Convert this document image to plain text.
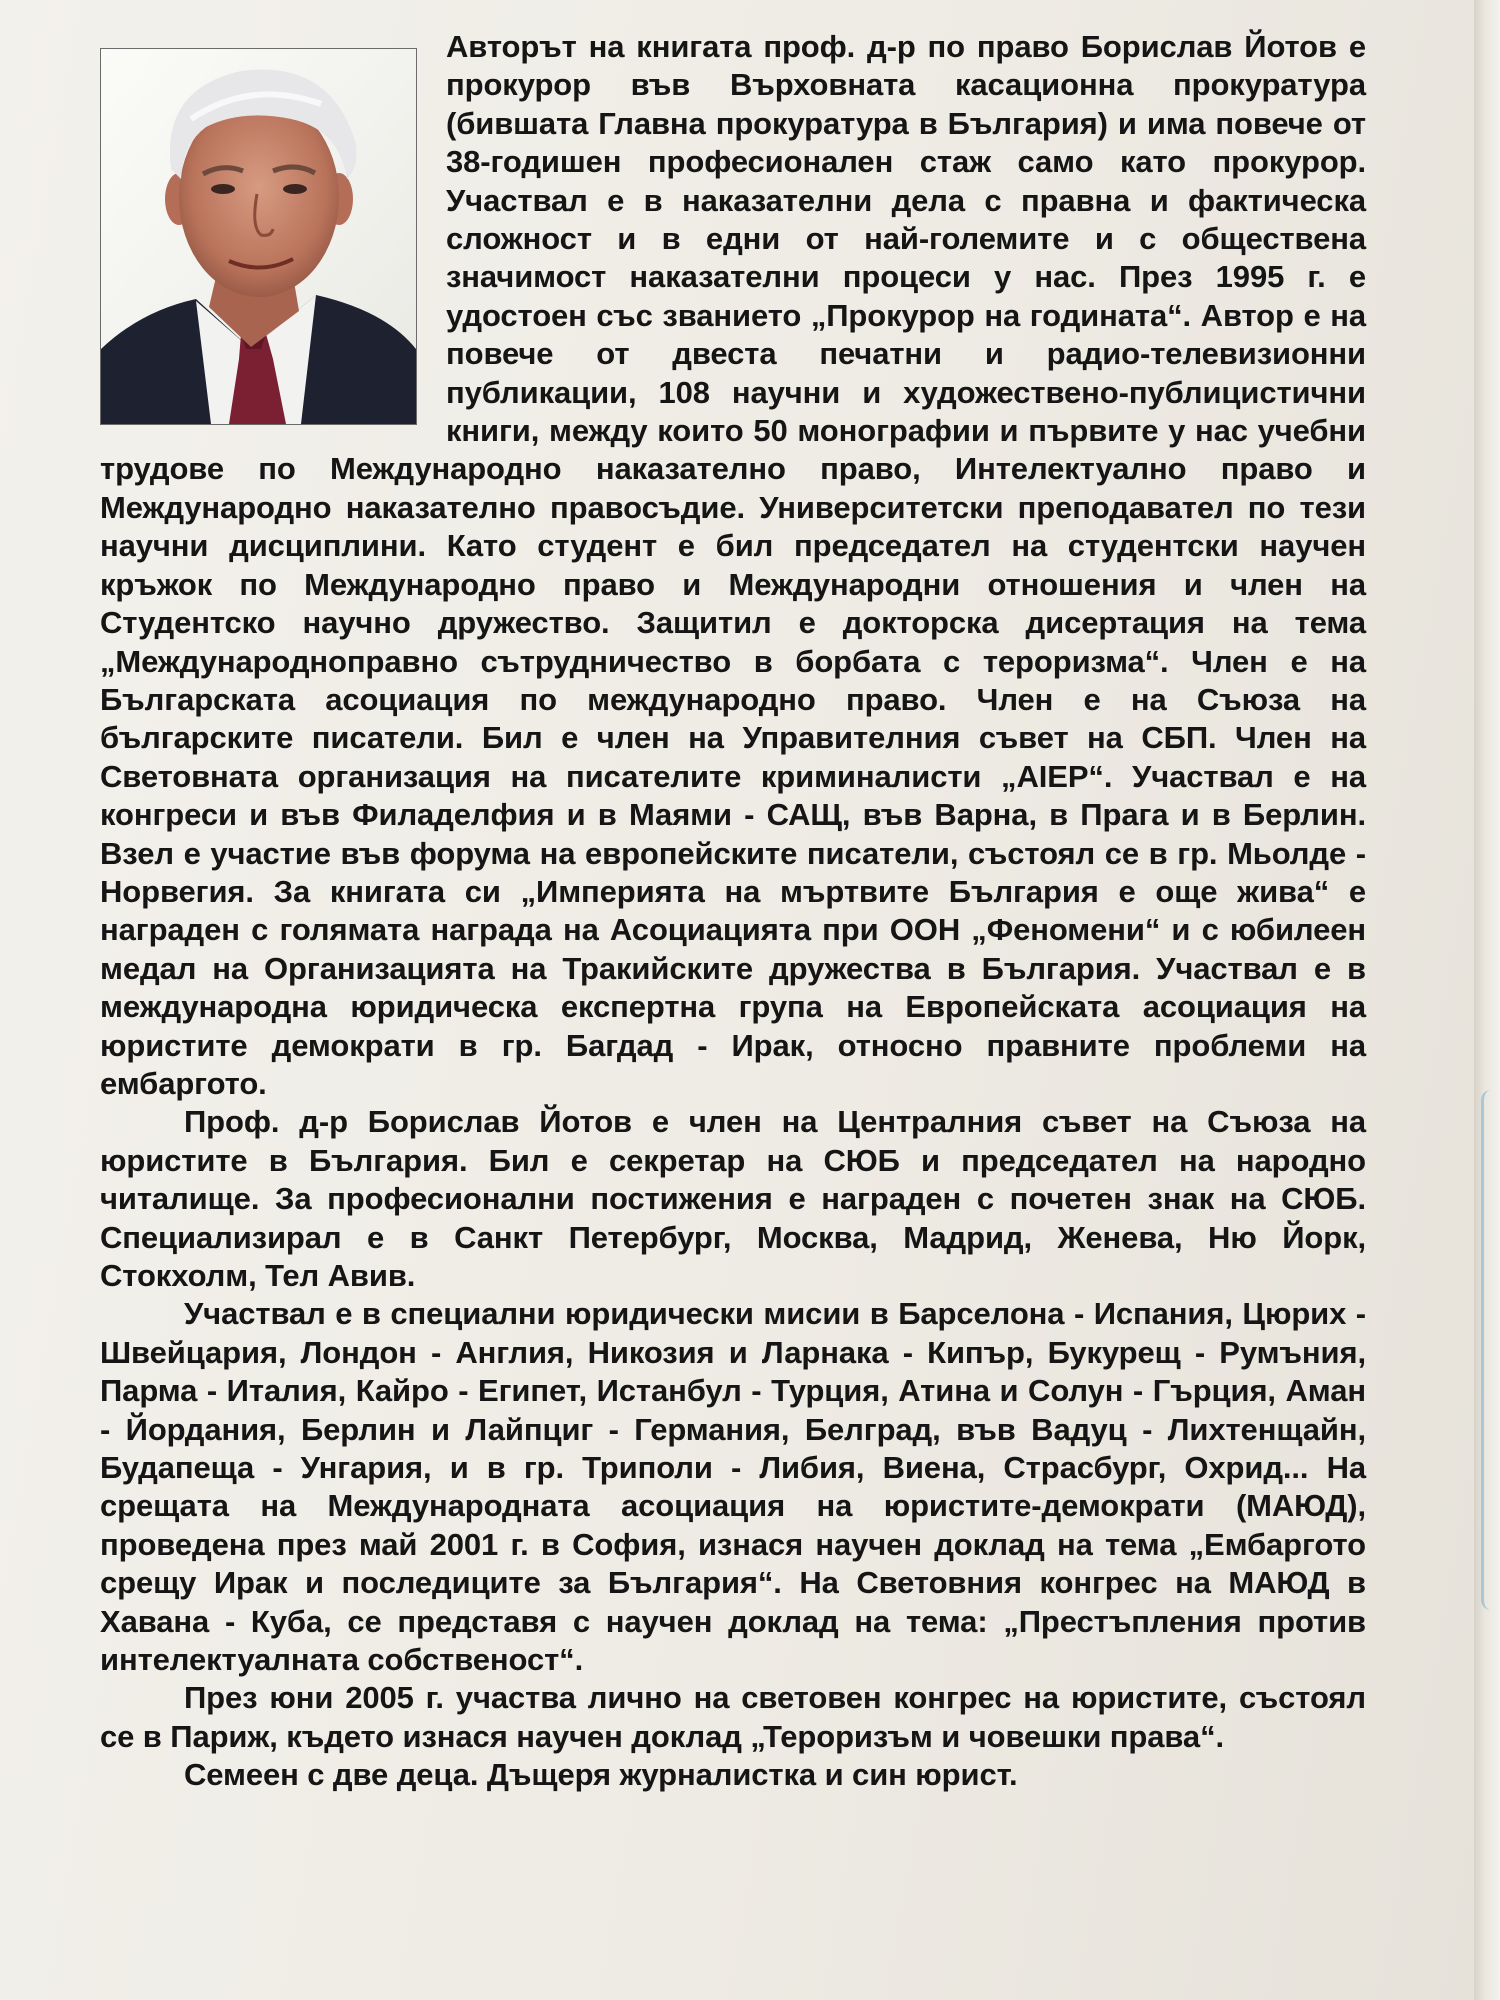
Авторът на книгата проф. д-р по право Борислав Йотов е прокурор във Върховната касационна прокуратура (бившата Главна прокуратура в България) и има повече от 38-годишен професионален стаж само като прокурор. Участвал е в наказателни дела с правна и фактическа сложност и в едни от най-големите и с обществена значимост наказателни процеси у нас. През 1995 г. е удостоен със званието „Прокурор на годината“. Автор е на повече от двеста печатни и радио-телевизионни публикации, 108 научни и художествено-публицистични книги, между които 50 монографии и първите у нас учебни трудове по Международно наказателно право, Интелектуално право и Международно наказателно правосъдие. Университетски преподавател по тези научни дисциплини. Като студент е бил председател на студентски научен кръжок по Международно право и Международни отношения и член на Студентско научно дружество. Защитил е докторска дисертация на тема „Международноправно сътрудничество в борбата с тероризма“. Член е на Българската асоциация по международно право. Член е на Съюза на българските писатели. Бил е член на Управителния съвет на СБП. Член на Световната организация на писателите криминалисти „AIEP“. Участвал е на конгреси и във Филаделфия и в Маями - САЩ, във Варна, в Прага и в Берлин. Взел е участие във форума на европейските писатели, състоял се в гр. Мьолде - Норвегия. За книгата си „Империята на мъртвите България е още жива“ е награден с голямата награда на Асоциацията при ООН „Феномени“ и с юбилеен медал на Организацията на Тракийските дружества в България. Участвал е в международна юридическа експертна група на Европейската асоциация на юристите демократи в гр. Багдад - Ирак, относно правните проблеми на ембаргото.

Проф. д-р Борислав Йотов е член на Централния съвет на Съюза на юристите в България. Бил е секретар на СЮБ и председател на народно читалище. За професионални постижения е награден с почетен знак на СЮБ. Специализирал е в Санкт Петербург, Москва, Мадрид, Женева, Ню Йорк, Стокхолм, Тел Авив.

Участвал е в специални юридически мисии в Барселона - Испания, Цюрих - Швейцария, Лондон - Англия, Никозия и Ларнака - Кипър, Букурещ - Румъния, Парма - Италия, Кайро - Египет, Истанбул - Турция, Атина и Солун - Гърция, Аман - Йордания, Берлин и Лайпциг - Германия, Белград, във Вадуц - Лихтенщайн, Будапеща - Унгария, и в гр. Триполи - Либия, Виена, Страсбург, Охрид... На срещата на Международната асоциация на юристите-демократи (МАЮД), проведена през май 2001 г. в София, изнася научен доклад на тема „Ембаргото срещу Ирак и последиците за България“. На Световния конгрес на МАЮД в Хавана - Куба, се представя с научен доклад на тема: „Престъпления против интелектуалната собственост“.

През юни 2005 г. участва лично на световен конгрес на юристите, състоял се в Париж, където изнася научен доклад „Тероризъм и човешки права“.

Семеен с две деца. Дъщеря журналистка и син юрист.
